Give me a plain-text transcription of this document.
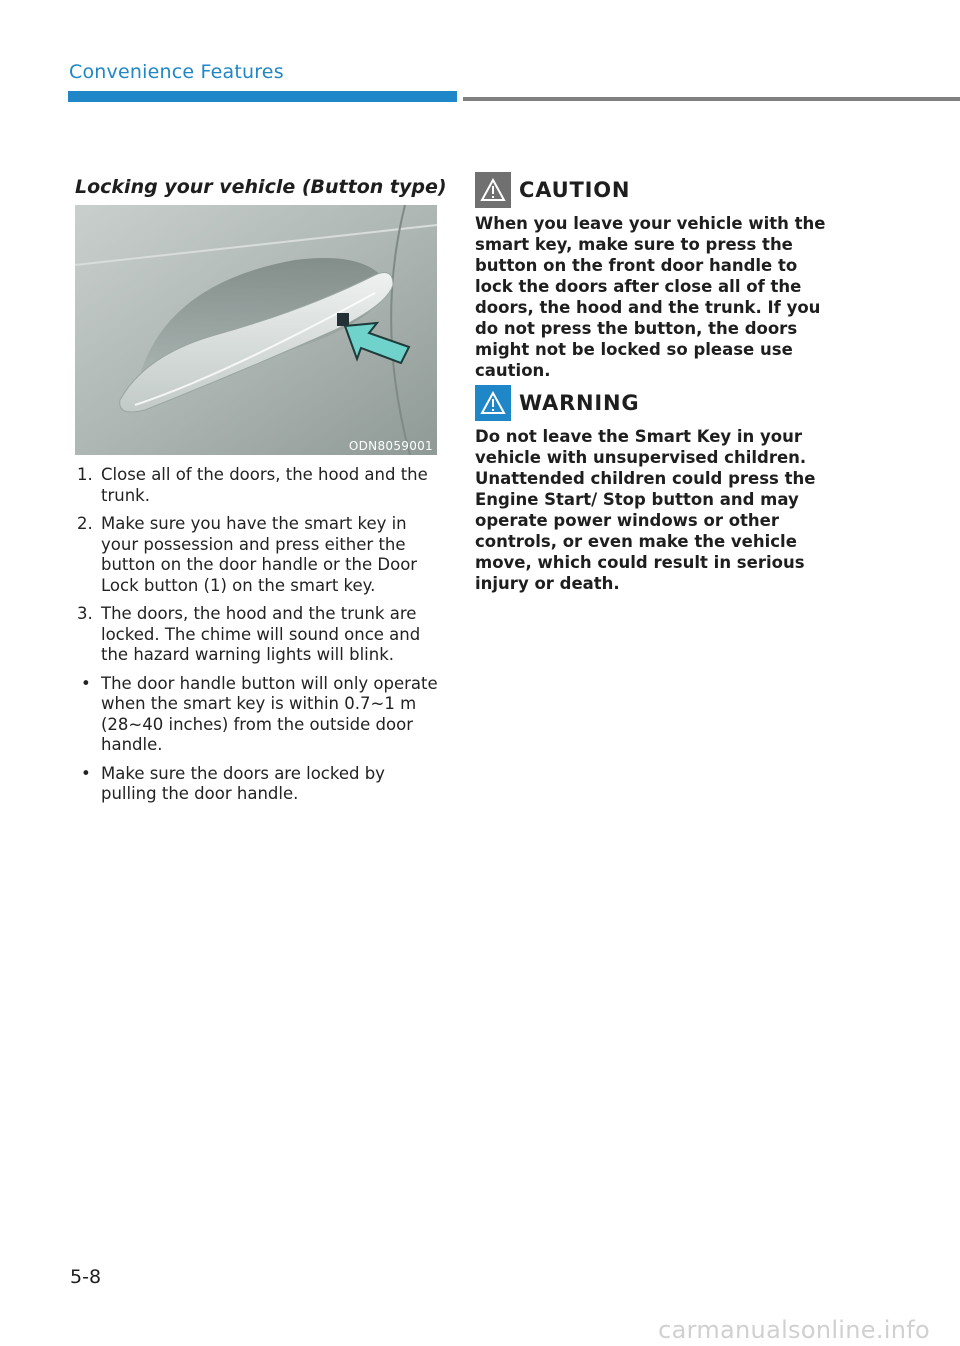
Convenience Features
Locking your vehicle (Button type)
ODN8059001
1. Close all of the doors, the hood and the trunk.
2. Make sure you have the smart key in your possession and press either the button on the door handle or the Door Lock button (1) on the smart key.
3. The doors, the hood and the trunk are locked. The chime will sound once and the hazard warning lights will blink.
• The door handle button will only operate when the smart key is within 0.7~1 m (28~40 inches) from the outside door handle.
• Make sure the doors are locked by pulling the door handle.
CAUTION
When you leave your vehicle with the smart key, make sure to press the button on the front door handle to lock the doors after close all of the doors, the hood and the trunk. If you do not press the button, the doors might not be locked so please use caution.
WARNING
Do not leave the Smart Key in your vehicle with unsupervised children. Unattended children could press the Engine Start/ Stop button and may operate power windows or other controls, or even make the vehicle move, which could result in serious injury or death.
5-8
carmanualsonline.info
